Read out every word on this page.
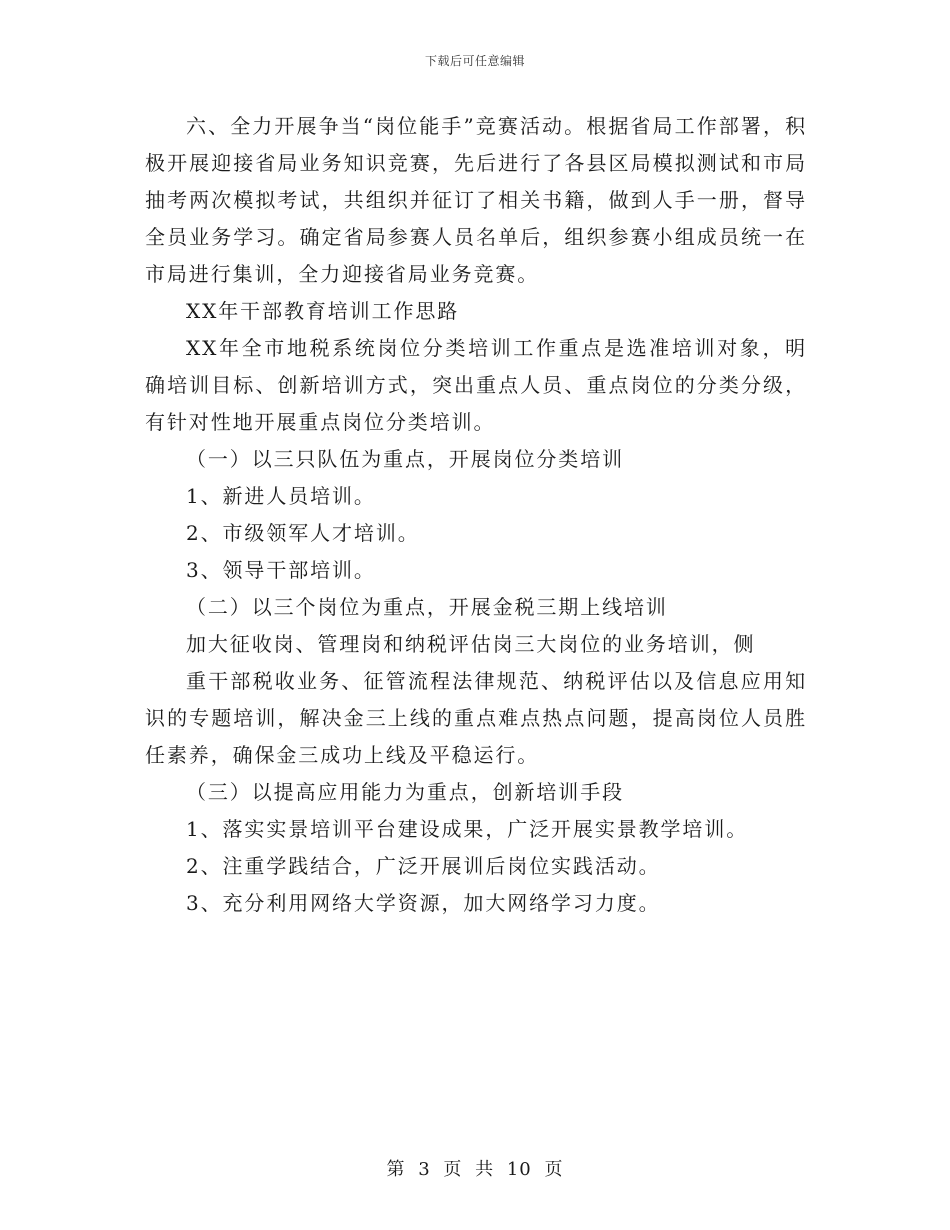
下载后可任意编辑

六、全力开展争当“岗位能手”竞赛活动。根据省局工作部署，积极开展迎接省局业务知识竞赛，先后进行了各县区局模拟测试和市局抽考两次模拟考试，共组织并征订了相关书籍，做到人手一册，督导全员业务学习。确定省局参赛人员名单后，组织参赛小组成员统一在市局进行集训，全力迎接省局业务竞赛。

XX年干部教育培训工作思路

XX年全市地税系统岗位分类培训工作重点是选准培训对象，明确培训目标、创新培训方式，突出重点人员、重点岗位的分类分级，有针对性地开展重点岗位分类培训。

（一）以三只队伍为重点，开展岗位分类培训

1、新进人员培训。

2、市级领军人才培训。

3、领导干部培训。

（二）以三个岗位为重点，开展金税三期上线培训

加大征收岗、管理岗和纳税评估岗三大岗位的业务培训，侧

重干部税收业务、征管流程法律规范、纳税评估以及信息应用知识的专题培训，解决金三上线的重点难点热点问题，提高岗位人员胜任素养，确保金三成功上线及平稳运行。

（三）以提高应用能力为重点，创新培训手段

1、落实实景培训平台建设成果，广泛开展实景教学培训。

2、注重学践结合，广泛开展训后岗位实践活动。

3、充分利用网络大学资源，加大网络学习力度。

第 3 页 共 10 页
